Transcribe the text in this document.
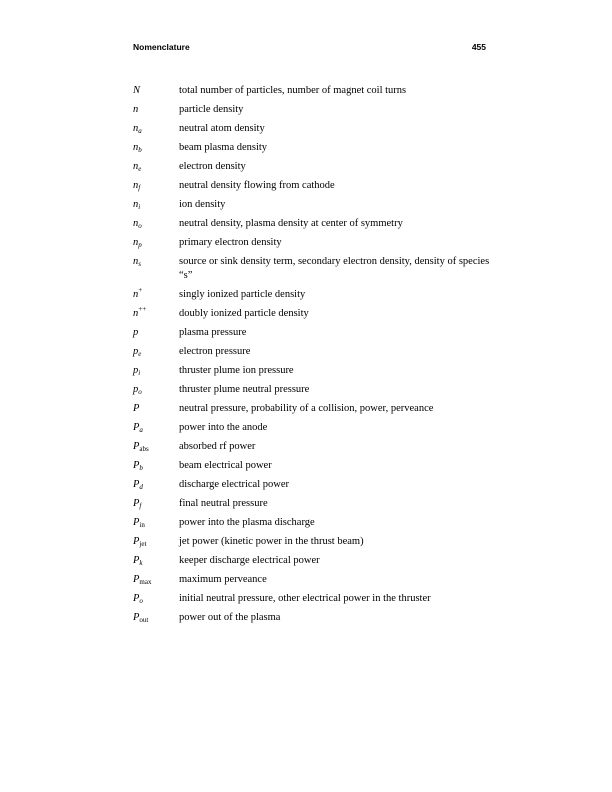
Nomenclature	455
N	total number of particles, number of magnet coil turns
n	particle density
$n_a$	neutral atom density
$n_b$	beam plasma density
$n_e$	electron density
$n_f$	neutral density flowing from cathode
$n_i$	ion density
$n_o$	neutral density, plasma density at center of symmetry
$n_p$	primary electron density
$n_s$	source or sink density term, secondary electron density, density of species “s”
n+	singly ionized particle density
n++	doubly ionized particle density
p	plasma pressure
$p_e$	electron pressure
$p_i$	thruster plume ion pressure
$p_o$	thruster plume neutral pressure
P	neutral pressure, probability of a collision, power, perveance
$P_a$	power into the anode
$P_{abs}$	absorbed rf power
$P_b$	beam electrical power
$P_d$	discharge electrical power
$P_f$	final neutral pressure
$P_{in}$	power into the plasma discharge
$P_{jet}$	jet power (kinetic power in the thrust beam)
$P_k$	keeper discharge electrical power
$P_{max}$	maximum perveance
$P_o$	initial neutral pressure, other electrical power in the thruster
$P_{out}$	power out of the plasma
